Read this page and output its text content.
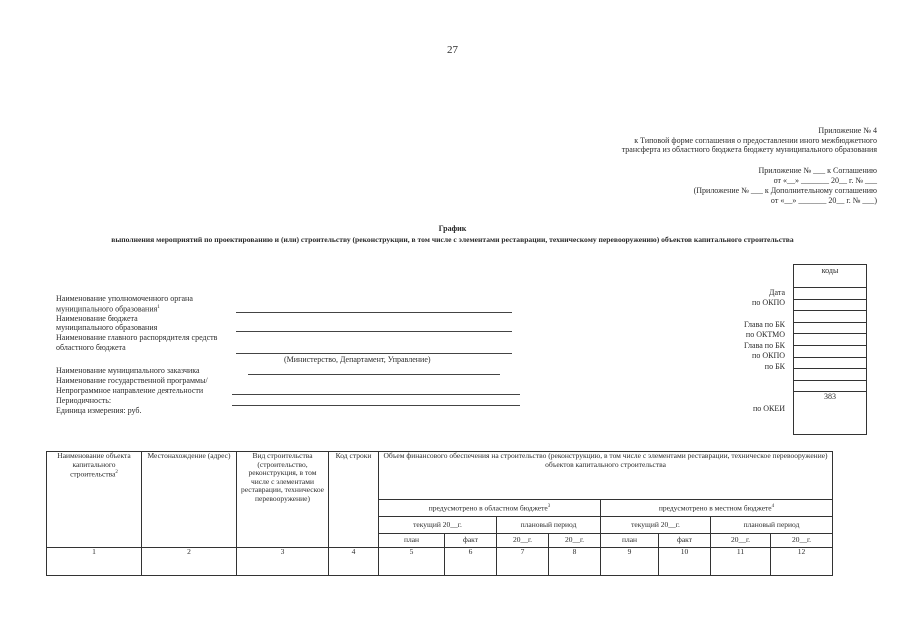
27
Приложение № 4
к Типовой форме соглашения о предоставлении иного межбюджетного
трансферта из областного бюджета бюджету муниципального образования
Приложение № ___ к Соглашению
от «__» _______ 20__ г. № ___
(Приложение № ___ к Дополнительному соглашению
от «__» _______ 20__ г. № ___)
График
выполнения мероприятий по проектированию и (или) строительству (реконструкции, в том числе с элементами реставрации, техническому перевооружению) объектов капитального строительства
коды
383
Наименование уполномоченного органа
муниципального образования$^1$
Наименование бюджета
муниципального образования
Наименование главного распорядителя средств
областного бюджета
(Министерство, Департамент, Управление)
Наименование муниципального заказчика
Наименование государственной программы/
Непрограммное направление деятельности
Периодичность:
Единица измерения: руб.
Дата
по ОКПО
Глава по БК
по ОКТМО
Глава по БК
по ОКПО
по БК
по ОКЕИ
Наименование объекта капитального строительства$^2$	Местонахождение (адрес)	Вид строительства (строительство, реконструкция, в том числе с элементами реставрации, техническое перевооружение)	Код строки	Объем финансового обеспечения на строительство (реконструкцию, в том числе с элементами реставрации, техническое перевооружение) объектов капитального строительства							
				предусмотрено в областном бюджете$^3$				предусмотрено в местном бюджете$^4$
				текущий 20__г.		плановый период		текущий 20__г.		плановый период	
				план	факт	20__г.	20__г.	план	факт	20__г.	20__г.
1	2	3	4	5	6	7	8	9	10	11	12
